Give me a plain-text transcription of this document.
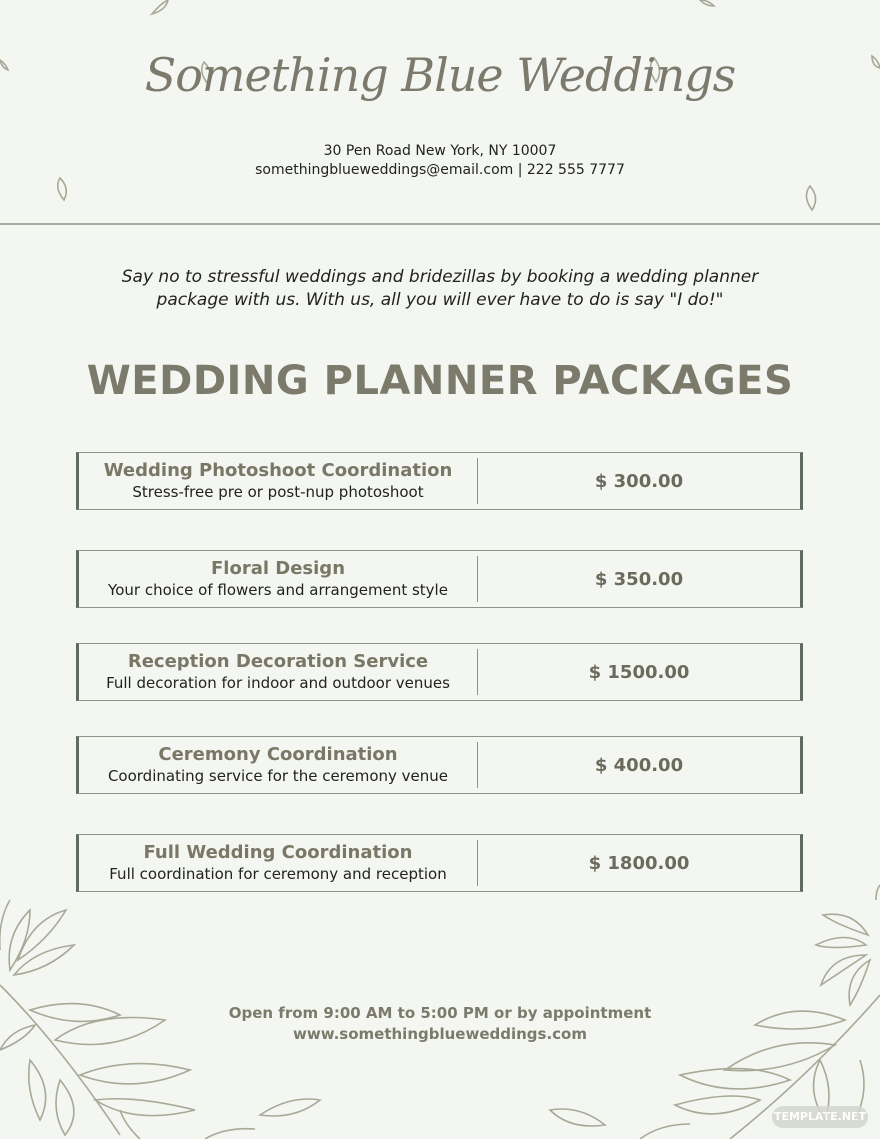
Something Blue Weddings
30 Pen Road New York, NY 10007
somethingblueweddings@email.com | 222 555 7777
Say no to stressful weddings and bridezillas by booking a wedding planner
package with us. With us, all you will ever have to do is say "I do!"
WEDDING PLANNER PACKAGES
Wedding Photoshoot Coordination
Stress-free pre or post-nup photoshoot
$ 300.00
Floral Design
Your choice of flowers and arrangement style
$ 350.00
Reception Decoration Service
Full decoration for indoor and outdoor venues
$ 1500.00
Ceremony Coordination
Coordinating service for the ceremony venue
$ 400.00
Full Wedding Coordination
Full coordination for ceremony and reception
$ 1800.00
Open from 9:00 AM to 5:00 PM or by appointment
www.somethingblueweddings.com
TEMPLATE.NET
